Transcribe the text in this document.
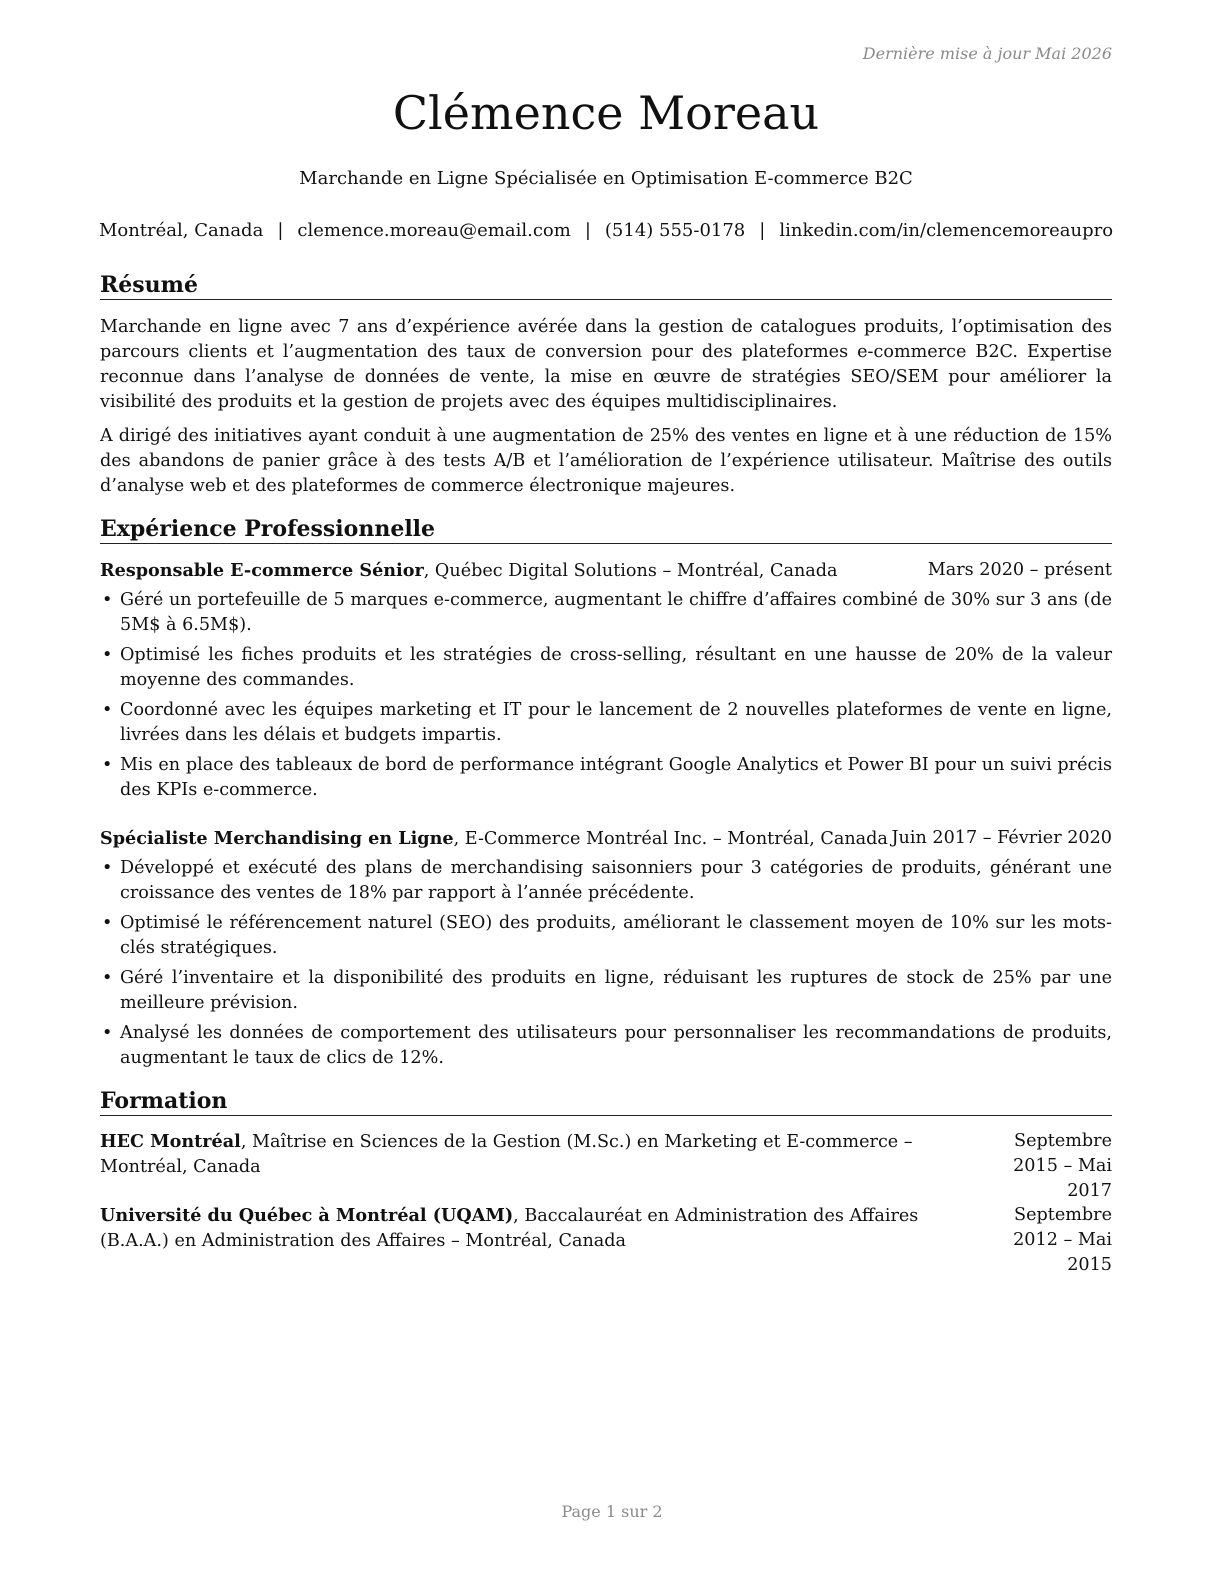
Dernière mise à jour Mai 2026
Clémence Moreau
Marchande en Ligne Spécialisée en Optimisation E-commerce B2C
Montréal, Canada | clemence.moreau@email.com | (514) 555-0178 | linkedin.com/in/clemencemoreaupro
Résumé

Marchande en ligne avec 7 ans d’expérience avérée dans la gestion de catalogues produits, l’optimisation des parcours clients et l’augmentation des taux de conversion pour des plateformes e-commerce B2C. Expertise reconnue dans l’analyse de données de vente, la mise en œuvre de stratégies SEO/SEM pour améliorer la visibilité des produits et la gestion de projets avec des équipes multidisciplinaires.

A dirigé des initiatives ayant conduit à une augmentation de 25% des ventes en ligne et à une réduction de 15% des abandons de panier grâce à des tests A/B et l’amélioration de l’expérience utilisateur. Maîtrise des outils d’analyse web et des plateformes de commerce électronique majeures.

Expérience Professionnelle
Responsable E-commerce Sénior, Québec Digital Solutions – Montréal, Canada	Mars 2020 – présent
• Géré un portefeuille de 5 marques e-commerce, augmentant le chiffre d’affaires combiné de 30% sur 3 ans (de 5M$ à 6.5M$).
• Optimisé les fiches produits et les stratégies de cross-selling, résultant en une hausse de 20% de la valeur moyenne des commandes.
• Coordonné avec les équipes marketing et IT pour le lancement de 2 nouvelles plateformes de vente en ligne, livrées dans les délais et budgets impartis.
• Mis en place des tableaux de bord de performance intégrant Google Analytics et Power BI pour un suivi précis des KPIs e-commerce.
Spécialiste Merchandising en Ligne, E-Commerce Montréal Inc. – Montréal, Canada Juin 2017 – Février 2020
• Développé et exécuté des plans de merchandising saisonniers pour 3 catégories de produits, générant une croissance des ventes de 18% par rapport à l’année précédente.
• Optimisé le référencement naturel (SEO) des produits, améliorant le classement moyen de 10% sur les mots-clés stratégiques.
• Géré l’inventaire et la disponibilité des produits en ligne, réduisant les ruptures de stock de 25% par une meilleure prévision.
• Analysé les données de comportement des utilisateurs pour personnaliser les recommandations de produits, augmentant le taux de clics de 12%.
Formation
HEC Montréal, Maîtrise en Sciences de la Gestion (M.Sc.) en Marketing et E-commerce – Montréal, Canada
Septembre 2015 – Mai 2017
Université du Québec à Montréal (UQAM), Baccalauréat en Administration des Affaires (B.A.A.) en Administration des Affaires – Montréal, Canada
Septembre 2012 – Mai 2015
Page 1 sur 2
